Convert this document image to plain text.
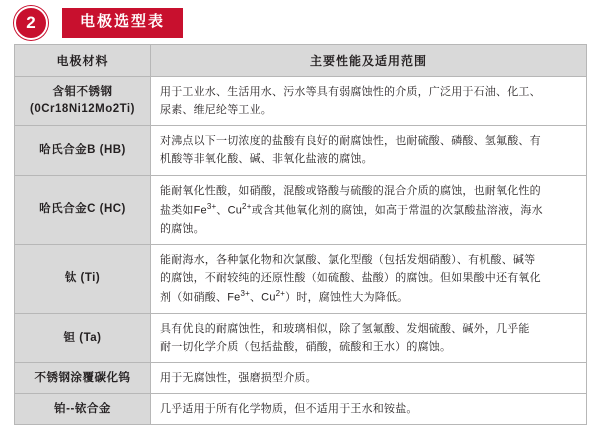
2	电极选型表
电极材料	主要性能及适用范围
含钼不锈钢 (0Cr18Ni12Mo2Ti)	用于工业水、生活用水、污水等具有弱腐蚀性的介质，广泛用于石油、化工、
尿素、维尼纶等工业。

哈氏合金B (HB)	对沸点以下一切浓度的盐酸有良好的耐腐蚀性，也耐硫酸、磷酸、氢氟酸、有
机酸等非氧化酸、碱、非氧化盐液的腐蚀。

哈氏合金C (HC)	能耐氧化性酸，如硝酸，混酸或铬酸与硫酸的混合介质的腐蚀，也耐氧化性的
盐类如$Fe^{3+}$、$Cu^{2+}$或含其他氧化剂的腐蚀，如高于常温的次氯酸盐溶液，海水
的腐蚀。

钛 (Ti)	能耐海水，各种氯化物和次氯酸、氯化型酸（包括发烟硝酸）、有机酸、碱等
的腐蚀，不耐较纯的还原性酸（如硫酸、盐酸）的腐蚀。但如果酸中还有氧化
剂（如硝酸、$Fe^{3+}$、$Cu^{2+}$）时，腐蚀性大为降低。

钽 (Ta)	具有优良的耐腐蚀性，和玻璃相似，除了氢氟酸、发烟硫酸、碱外，几乎能
耐一切化学介质（包括盐酸，硝酸，硫酸和王水）的腐蚀。

不锈钢涂覆碳化钨	用于无腐蚀性，强磨损型介质。

铂--铱合金	几乎适用于所有化学物质，但不适用于王水和铵盐。
